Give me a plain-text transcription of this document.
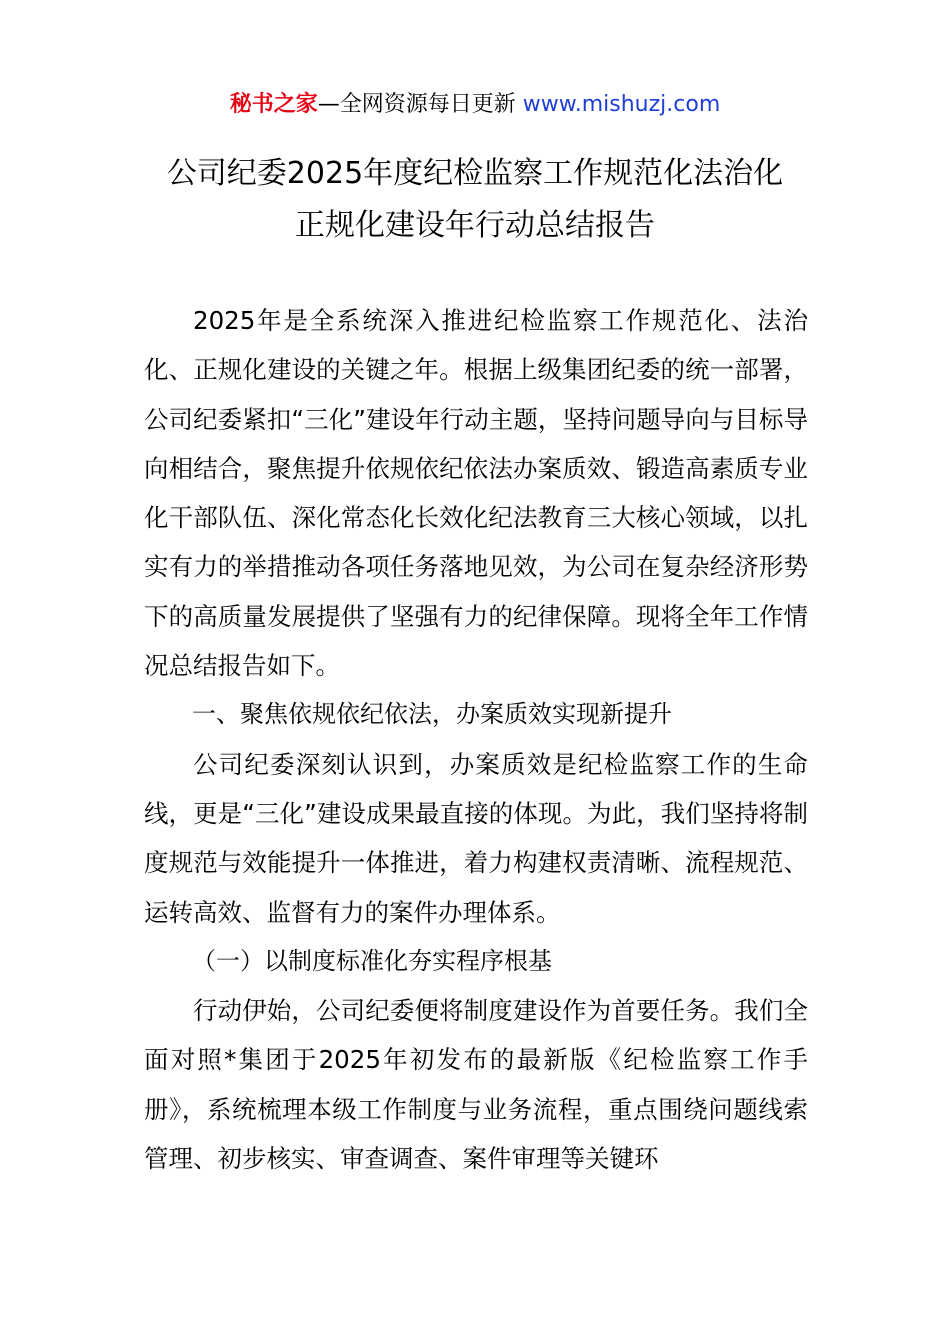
秘书之家—全网资源每日更新 www.mishuzj.com
公司纪委2025年度纪检监察工作规范化法治化
正规化建设年行动总结报告

2025年是全系统深入推进纪检监察工作规范化、法治化、正规化建设的关键之年。根据上级集团纪委的统一部署，公司纪委紧扣“三化”建设年行动主题，坚持问题导向与目标导向相结合，聚焦提升依规依纪依法办案质效、锻造高素质专业化干部队伍、深化常态化长效化纪法教育三大核心领域，以扎实有力的举措推动各项任务落地见效，为公司在复杂经济形势下的高质量发展提供了坚强有力的纪律保障。现将全年工作情况总结报告如下。

一、聚焦依规依纪依法，办案质效实现新提升

公司纪委深刻认识到，办案质效是纪检监察工作的生命线，更是“三化”建设成果最直接的体现。为此，我们坚持将制度规范与效能提升一体推进，着力构建权责清晰、流程规范、运转高效、监督有力的案件办理体系。

（一）以制度标准化夯实程序根基

行动伊始，公司纪委便将制度建设作为首要任务。我们全面对照*集团于2025年初发布的最新版《纪检监察工作手册》，系统梳理本级工作制度与业务流程，重点围绕问题线索管理、初步核实、审查调查、案件审理等关键环
